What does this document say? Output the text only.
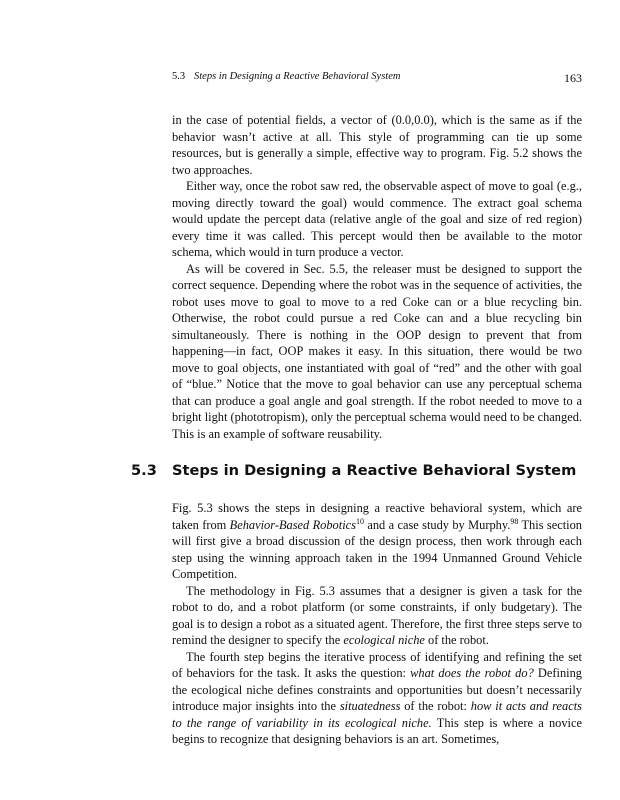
5.3 Steps in Designing a Reactive Behavioral System	163

in the case of potential fields, a vector of (0.0,0.0), which is the same as if the behavior wasn’t active at all. This style of programming can tie up some resources, but is generally a simple, effective way to program. Fig. 5.2 shows the two approaches.

Either way, once the robot saw red, the observable aspect of move to goal (e.g., moving directly toward the goal) would commence. The extract goal schema would update the percept data (relative angle of the goal and size of red region) every time it was called. This percept would then be available to the motor schema, which would in turn produce a vector.

As will be covered in Sec. 5.5, the releaser must be designed to support the correct sequence. Depending where the robot was in the sequence of activities, the robot uses move to goal to move to a red Coke can or a blue recycling bin. Otherwise, the robot could pursue a red Coke can and a blue recycling bin simultaneously. There is nothing in the OOP design to prevent that from happening—in fact, OOP makes it easy. In this situation, there would be two move to goal objects, one instantiated with goal of “red” and the other with goal of “blue.” Notice that the move to goal behavior can use any perceptual schema that can produce a goal angle and goal strength. If the robot needed to move to a bright light (phototropism), only the perceptual schema would need to be changed. This is an example of software reusability.

5.3 Steps in Designing a Reactive Behavioral System

Fig. 5.3 shows the steps in designing a reactive behavioral system, which are taken from Behavior-Based Robotics$^{10}$ and a case study by Murphy.$^{98}$ This section will first give a broad discussion of the design process, then work through each step using the winning approach taken in the 1994 Unmanned Ground Vehicle Competition.

The methodology in Fig. 5.3 assumes that a designer is given a task for the robot to do, and a robot platform (or some constraints, if only budgetary). The goal is to design a robot as a situated agent. Therefore, the first three steps serve to remind the designer to specify the ecological niche of the robot.

The fourth step begins the iterative process of identifying and refining the set of behaviors for the task. It asks the question: what does the robot do? Defining the ecological niche defines constraints and opportunities but doesn’t necessarily introduce major insights into the situatedness of the robot: how it acts and reacts to the range of variability in its ecological niche. This step is where a novice begins to recognize that designing behaviors is an art. Sometimes,
